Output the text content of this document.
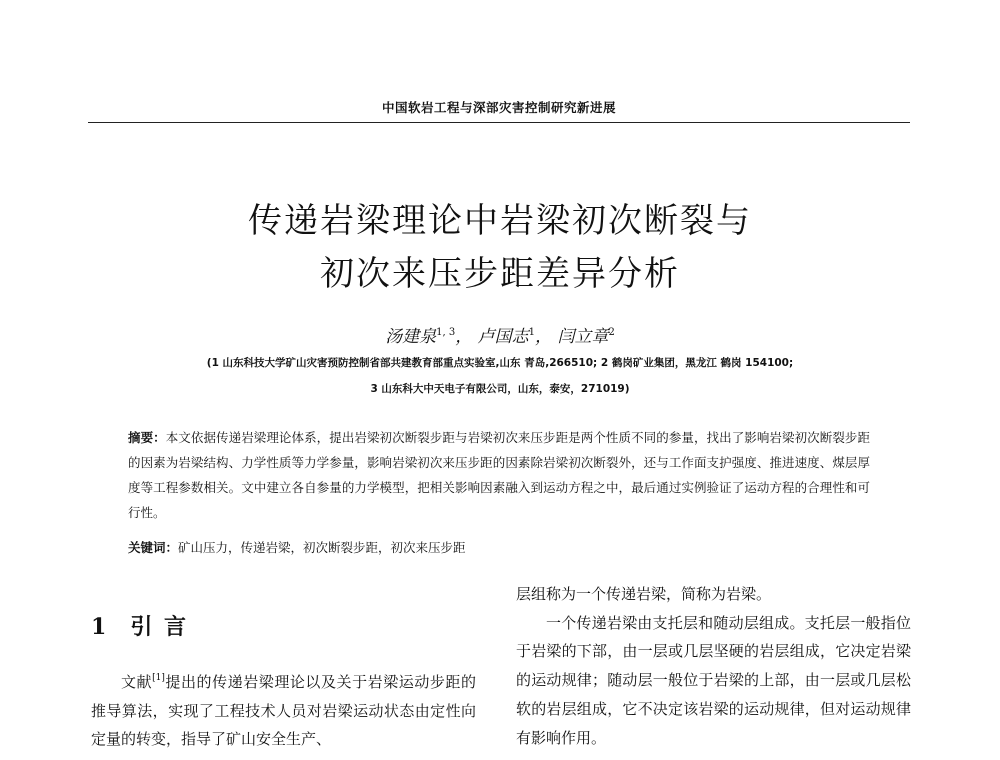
中国软岩工程与深部灾害控制研究新进展
传递岩梁理论中岩梁初次断裂与
初次来压步距差异分析
汤建泉$^{1, 3}$， 卢国志$^1$， 闫立章$^2$
(1 山东科技大学矿山灾害预防控制省部共建教育部重点实验室,山东 青岛,266510; 2 鹤岗矿业集团，黑龙江 鹤岗 154100;
3 山东科大中天电子有限公司，山东，泰安，271019)
摘要：本文依据传递岩梁理论体系，提出岩梁初次断裂步距与岩梁初次来压步距是两个性质不同的参量，找出了影响岩梁初次断裂步距的因素为岩梁结构、力学性质等力学参量，影响岩梁初次来压步距的因素除岩梁初次断裂外，还与工作面支护强度、推进速度、煤层厚度等工程参数相关。文中建立各自参量的力学模型，把相关影响因素融入到运动方程之中，最后通过实例验证了运动方程的合理性和可行性。
关键词：矿山压力，传递岩梁，初次断裂步距，初次来压步距
1 引 言

文献[1]提出的传递岩梁理论以及关于岩梁运动步距的推导算法，实现了工程技术人员对岩梁运动状态由定性向定量的转变，指导了矿山安全生产、

层组称为一个传递岩梁，简称为岩梁。

一个传递岩梁由支托层和随动层组成。支托层一般指位于岩梁的下部，由一层或几层坚硬的岩层组成，它决定岩梁的运动规律；随动层一般位于岩梁的上部，由一层或几层松软的岩层组成，它不决定该岩梁的运动规律，但对运动规律有影响作用。
